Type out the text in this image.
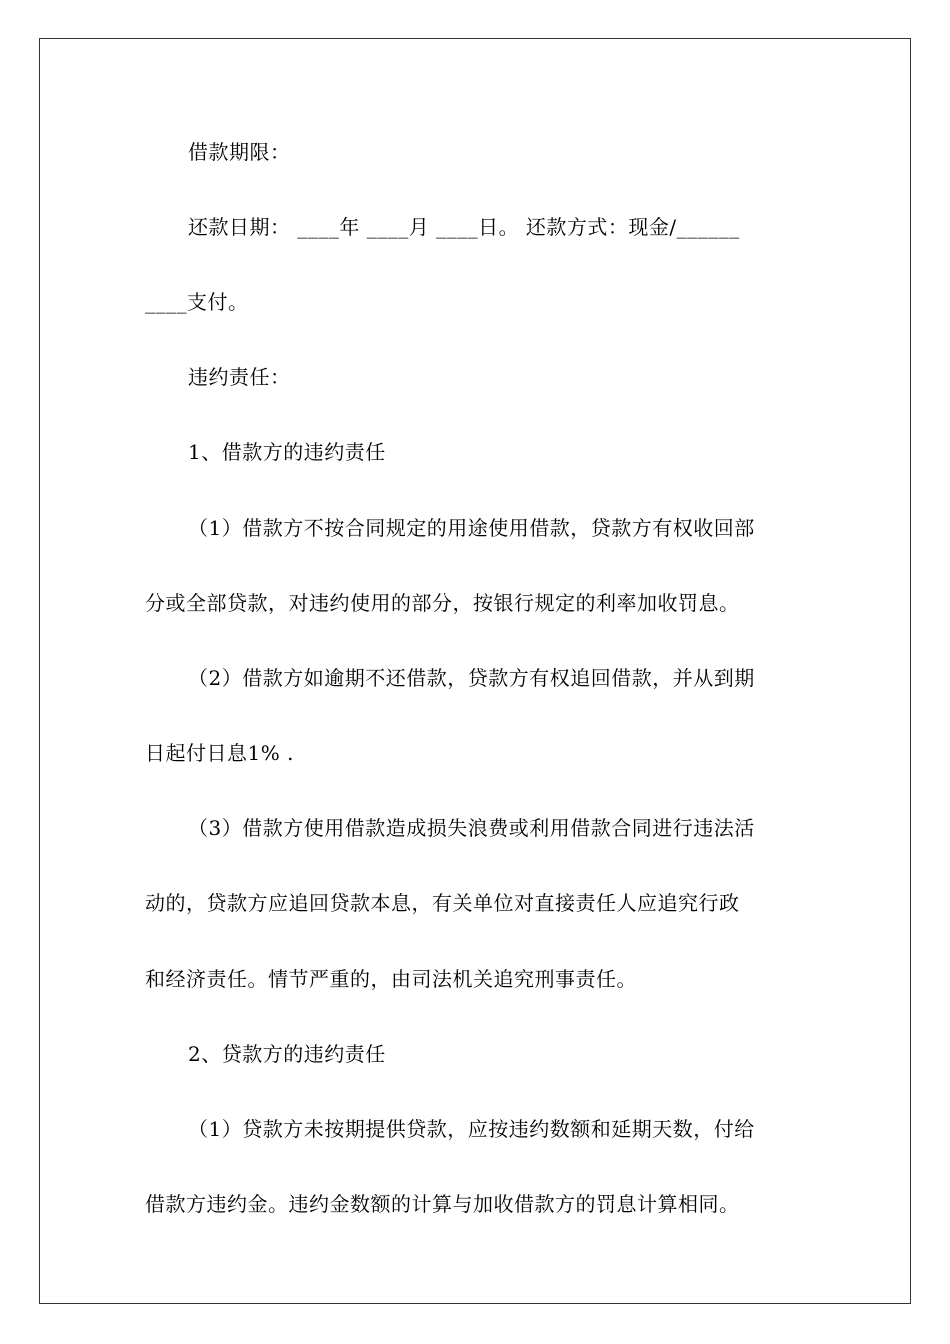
借款期限：
还款日期： ____年 ____月 ____日。 还款方式：现金/______
____支付。
违约责任：
1、借款方的违约责任
（1）借款方不按合同规定的用途使用借款，贷款方有权收回部
分或全部贷款，对违约使用的部分，按银行规定的利率加收罚息。
（2）借款方如逾期不还借款，贷款方有权追回借款，并从到期
日起付日息1% .
（3）借款方使用借款造成损失浪费或利用借款合同进行违法活
动的，贷款方应追回贷款本息，有关单位对直接责任人应追究行政
和经济责任。情节严重的，由司法机关追究刑事责任。
2、贷款方的违约责任
（1）贷款方未按期提供贷款，应按违约数额和延期天数，付给
借款方违约金。违约金数额的计算与加收借款方的罚息计算相同。
